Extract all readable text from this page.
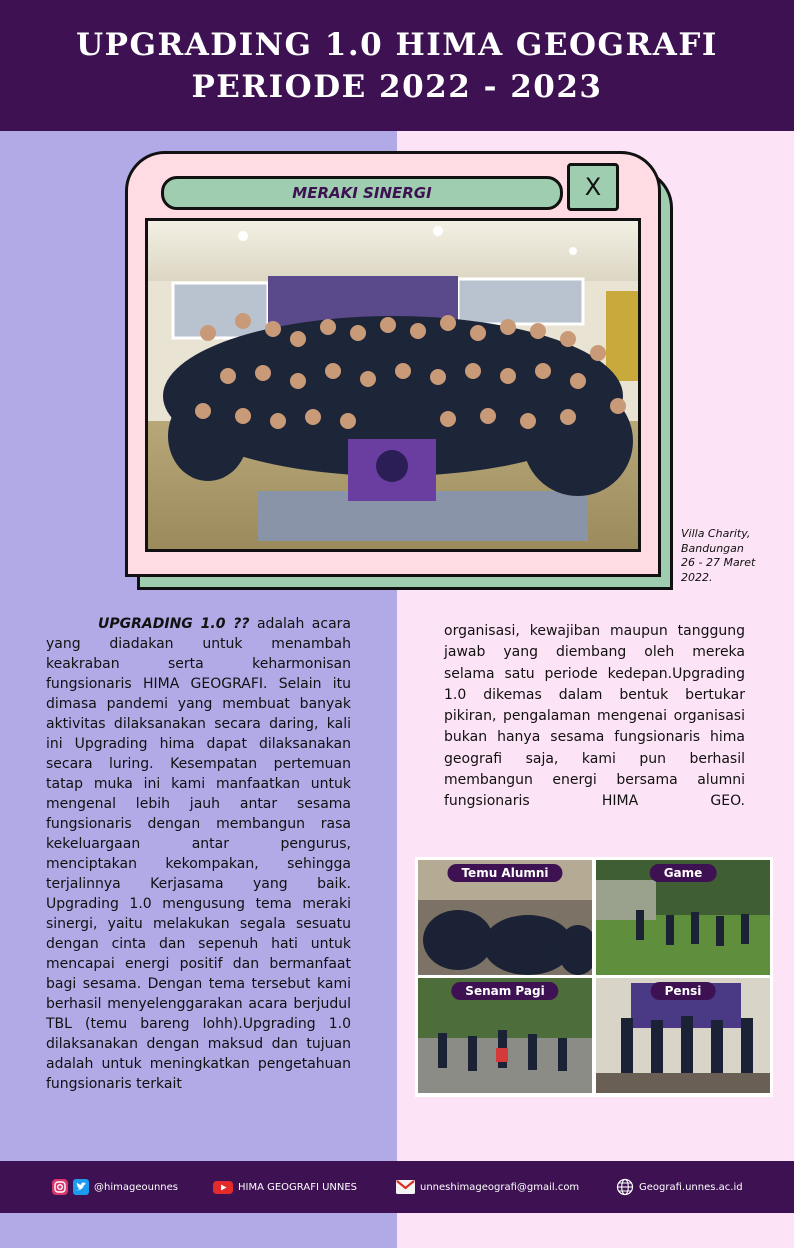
UPGRADING 1.0 HIMA GEOGRAFI
PERIODE 2022 - 2023
MERAKI SINERGI	X
Villa Charity,
Bandungan
26 - 27 Maret
2022.
UPGRADING 1.0 ?? adalah acara yang diadakan untuk menambah keakraban serta keharmonisan fungsionaris HIMA GEOGRAFI. Selain itu dimasa pandemi yang membuat banyak aktivitas dilaksanakan secara daring, kali ini Upgrading hima dapat dilaksanakan secara luring. Kesempatan pertemuan tatap muka ini kami manfaatkan untuk mengenal lebih jauh antar sesama fungsionaris dengan membangun rasa kekeluargaan antar pengurus, menciptakan kekompakan, sehingga terjalinnya Kerjasama yang baik. Upgrading 1.0 mengusung tema meraki sinergi, yaitu melakukan segala sesuatu dengan cinta dan sepenuh hati untuk mencapai energi positif dan bermanfaat bagi sesama. Dengan tema tersebut kami berhasil menyelenggarakan acara berjudul TBL (temu bareng lohh).Upgrading 1.0 dilaksanakan dengan maksud dan tujuan adalah untuk meningkatkan pengetahuan fungsionaris terkait
organisasi, kewajiban maupun tanggung jawab yang diembang oleh mereka selama satu periode kedepan.Upgrading 1.0 dikemas dalam bentuk bertukar pikiran, pengalaman mengenai organisasi bukan hanya sesama fungsionaris hima geografi saja, kami pun berhasil membangun energi bersama alumni fungsionaris HIMA GEO.
Temu Alumni	Game
Senam Pagi	Pensi
@himageounnes	HIMA GEOGRAFI UNNES	unneshimageografi@gmail.com	Geografi.unnes.ac.id
